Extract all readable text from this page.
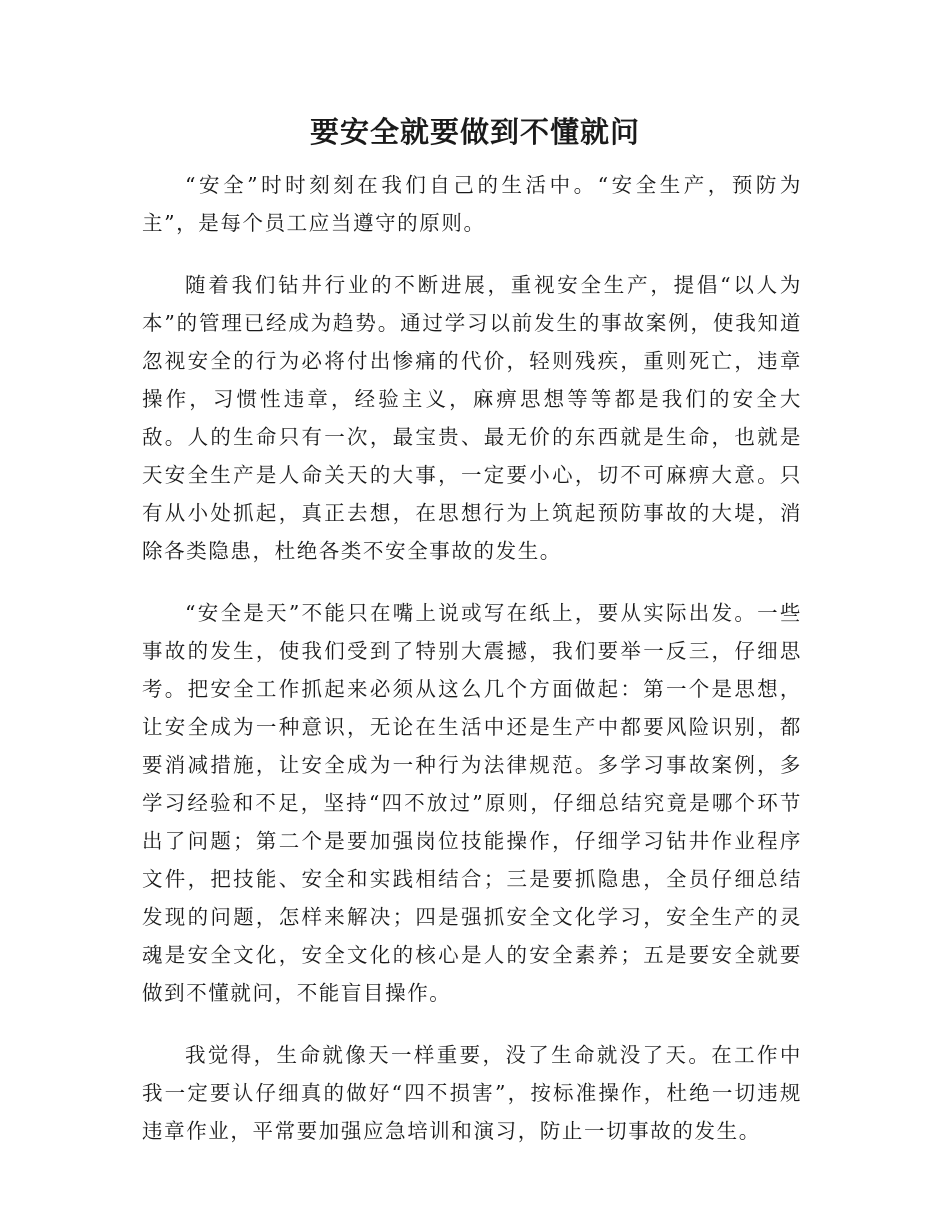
要安全就要做到不懂就问

“安全”时时刻刻在我们自己的生活中。“安全生产，预防为主”，是每个员工应当遵守的原则。

随着我们钻井行业的不断进展，重视安全生产，提倡“以人为本”的管理已经成为趋势。通过学习以前发生的事故案例，使我知道忽视安全的行为必将付出惨痛的代价，轻则残疾，重则死亡，违章操作，习惯性违章，经验主义，麻痹思想等等都是我们的安全大敌。人的生命只有一次，最宝贵、最无价的东西就是生命，也就是天安全生产是人命关天的大事，一定要小心，切不可麻痹大意。只有从小处抓起，真正去想，在思想行为上筑起预防事故的大堤，消除各类隐患，杜绝各类不安全事故的发生。

“安全是天”不能只在嘴上说或写在纸上，要从实际出发。一些事故的发生，使我们受到了特别大震撼，我们要举一反三，仔细思考。把安全工作抓起来必须从这么几个方面做起：第一个是思想，让安全成为一种意识，无论在生活中还是生产中都要风险识别，都要消减措施，让安全成为一种行为法律规范。多学习事故案例，多学习经验和不足，坚持“四不放过”原则，仔细总结究竟是哪个环节出了问题；第二个是要加强岗位技能操作，仔细学习钻井作业程序文件，把技能、安全和实践相结合；三是要抓隐患，全员仔细总结发现的问题，怎样来解决；四是强抓安全文化学习，安全生产的灵魂是安全文化，安全文化的核心是人的安全素养；五是要安全就要做到不懂就问，不能盲目操作。

我觉得，生命就像天一样重要，没了生命就没了天。在工作中我一定要认仔细真的做好“四不损害”，按标准操作，杜绝一切违规违章作业，平常要加强应急培训和演习，防止一切事故的发生。
